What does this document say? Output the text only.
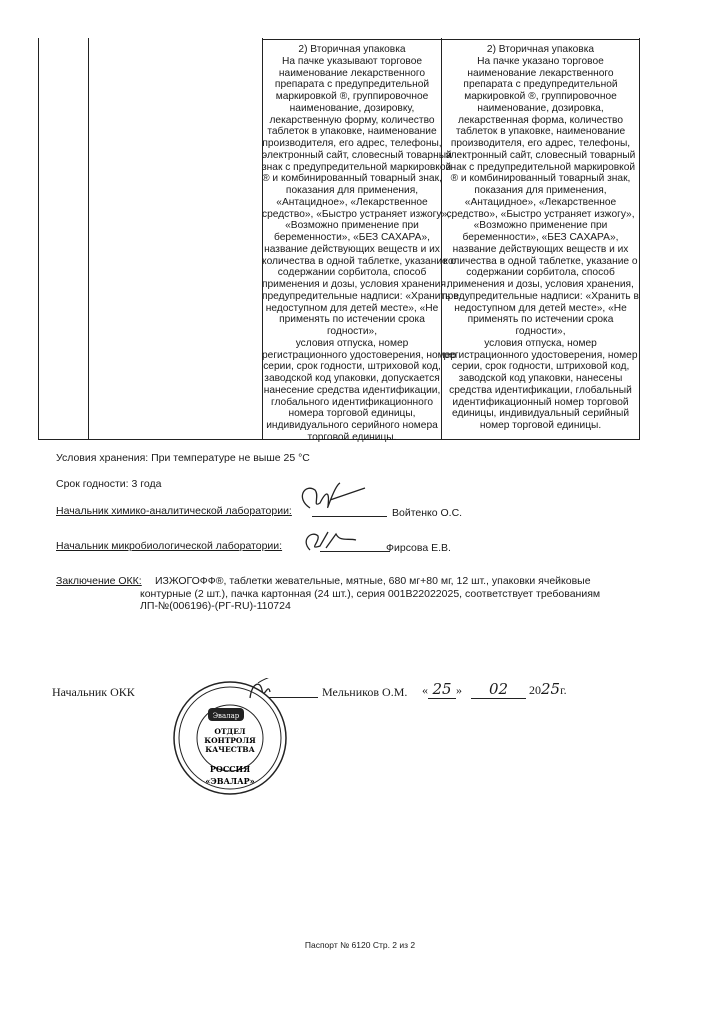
2) Вторичная упаковка
На пачке указывают торговое
наименование лекарственного
препарата с предупредительной
маркировкой ®, группировочное
наименование, дозировку,
лекарственную форму, количество
таблеток в упаковке, наименование
производителя, его адрес, телефоны,
электронный сайт, словесный товарный
знак с предупредительной маркировкой
® и комбинированный товарный знак,
показания для применения,
«Антацидное», «Лекарственное
средство», «Быстро устраняет изжогу»,
«Возможно применение при
беременности», «БЕЗ САХАРА»,
название действующих веществ и их
количества в одной таблетке, указание о
содержании сорбитола, способ
применения и дозы, условия хранения,
предупредительные надписи: «Хранить в
недоступном для детей месте», «Не
применять по истечении срока
годности»,
условия отпуска, номер
регистрационного удостоверения, номер
серии, срок годности, штриховой код,
заводской код упаковки, допускается
нанесение средства идентификации,
глобального идентификационного
номера торговой единицы,
индивидуального серийного номера
торговой единицы.
2) Вторичная упаковка
На пачке указано торговое
наименование лекарственного
препарата с предупредительной
маркировкой ®, группировочное
наименование, дозировка,
лекарственная форма, количество
таблеток в упаковке, наименование
производителя, его адрес, телефоны,
электронный сайт, словесный товарный
знак с предупредительной маркировкой
® и комбинированный товарный знак,
показания для применения,
«Антацидное», «Лекарственное
средство», «Быстро устраняет изжогу»,
«Возможно применение при
беременности», «БЕЗ САХАРА»,
название действующих веществ и их
количества в одной таблетке, указание о
содержании сорбитола, способ
применения и дозы, условия хранения,
предупредительные надписи: «Хранить в
недоступном для детей месте», «Не
применять по истечении срока
годности»,
условия отпуска, номер
регистрационного удостоверения, номер
серии, срок годности, штриховой код,
заводской код упаковки, нанесены
средства идентификации, глобальный
идентификационный номер торговой
единицы, индивидуальный серийный
номер торговой единицы.
Условия хранения: При температуре не выше 25 °С
Срок годности: 3 года
Начальник химико-аналитической лаборатории:	Войтенко О.С.
Начальник микробиологической лаборатории:	Фирсова Е.В.
Заключение ОКК:	ИЗЖОГОФФ®, таблетки жевательные, мятные, 680 мг+80 мг, 12 шт., упаковки ячейковые
контурные (2 шт.), пачка картонная (24 шт.), серия 001B22022025, соответствует требованиям
ЛП-№(006196)-(РГ-RU)-110724
Начальник ОКК
Эвалар
ОТДЕЛ
КОНТРОЛЯ
КАЧЕСТВА
РОССИЯ
«ЭВАЛАР»
Мельников О.М. « 25 » 02 2025г.
Паспорт № 6120 Стр. 2 из 2
